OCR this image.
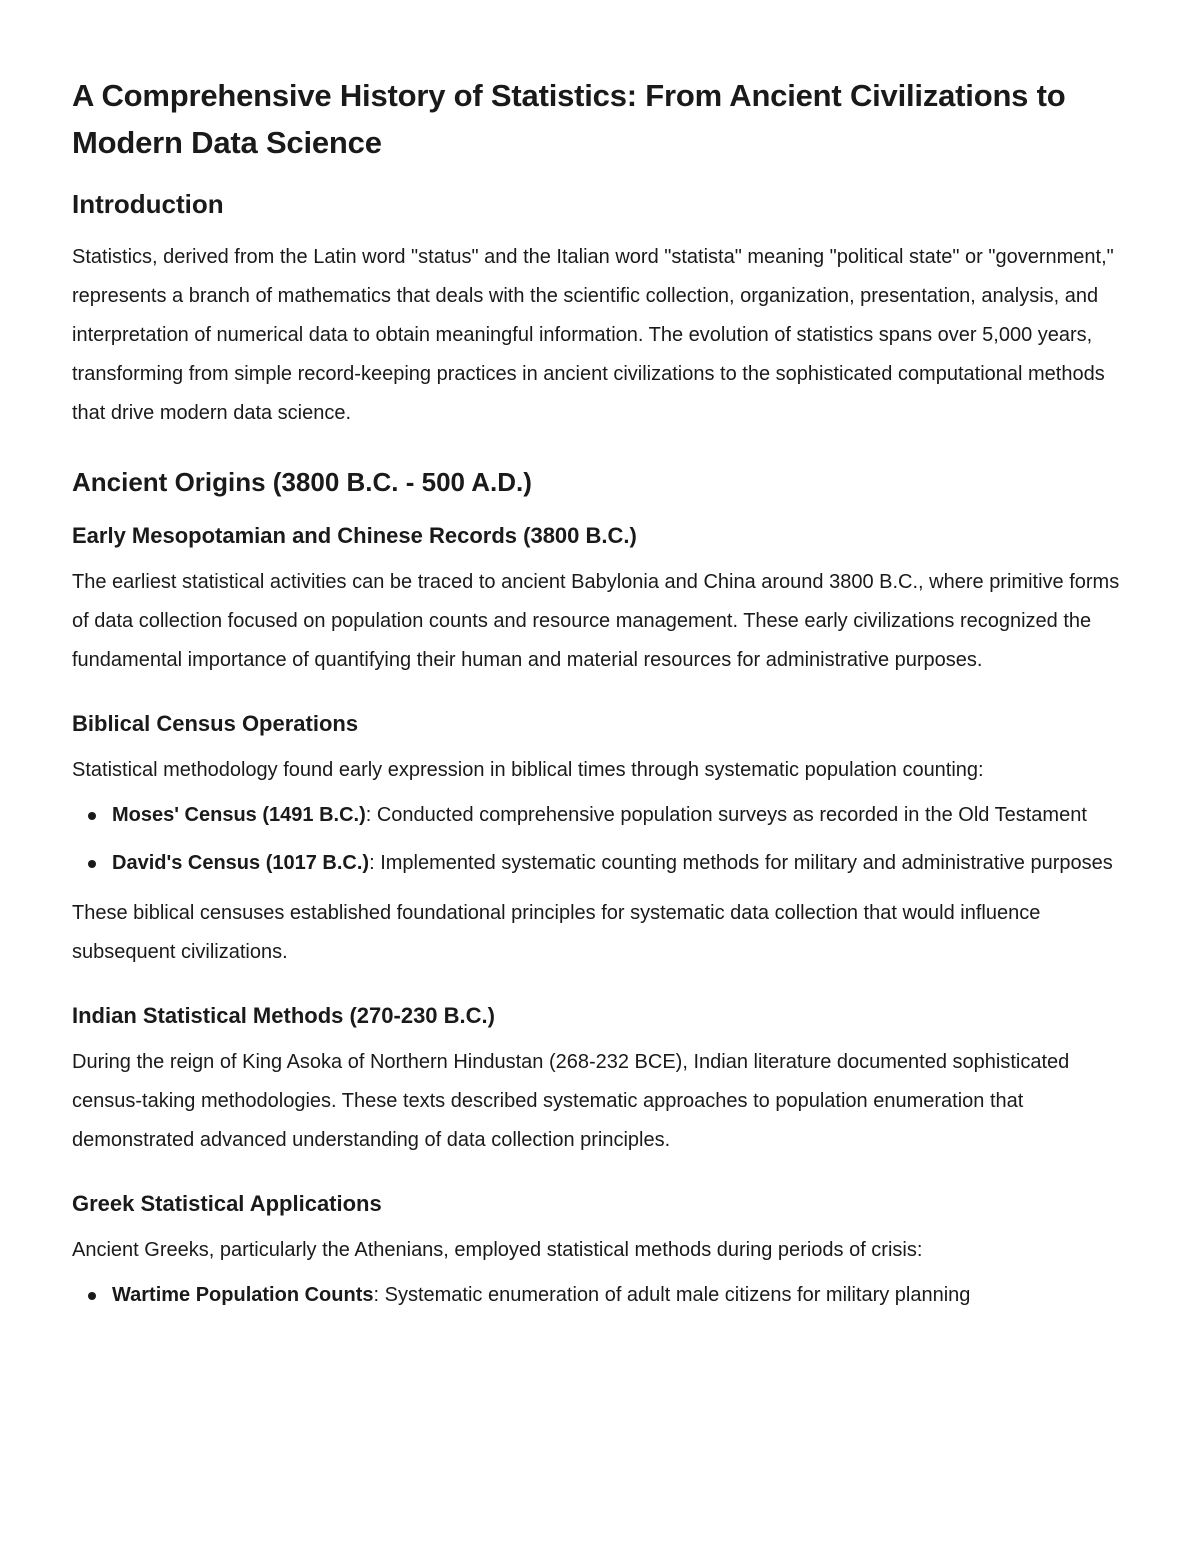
A Comprehensive History of Statistics: From Ancient Civilizations to Modern Data Science
Introduction

Statistics, derived from the Latin word "status" and the Italian word "statista" meaning "political state" or "government," represents a branch of mathematics that deals with the scientific collection, organization, presentation, analysis, and interpretation of numerical data to obtain meaningful information. The evolution of statistics spans over 5,000 years, transforming from simple record-keeping practices in ancient civilizations to the sophisticated computational methods that drive modern data science.

Ancient Origins (3800 B.C. - 500 A.D.)
Early Mesopotamian and Chinese Records (3800 B.C.)

The earliest statistical activities can be traced to ancient Babylonia and China around 3800 B.C., where primitive forms of data collection focused on population counts and resource management. These early civilizations recognized the fundamental importance of quantifying their human and material resources for administrative purposes.

Biblical Census Operations

Statistical methodology found early expression in biblical times through systematic population counting:

Moses' Census (1491 B.C.): Conducted comprehensive population surveys as recorded in the Old Testament
David's Census (1017 B.C.): Implemented systematic counting methods for military and administrative purposes

These biblical censuses established foundational principles for systematic data collection that would influence subsequent civilizations.

Indian Statistical Methods (270-230 B.C.)

During the reign of King Asoka of Northern Hindustan (268-232 BCE), Indian literature documented sophisticated census-taking methodologies. These texts described systematic approaches to population enumeration that demonstrated advanced understanding of data collection principles.

Greek Statistical Applications

Ancient Greeks, particularly the Athenians, employed statistical methods during periods of crisis:

Wartime Population Counts: Systematic enumeration of adult male citizens for military planning
